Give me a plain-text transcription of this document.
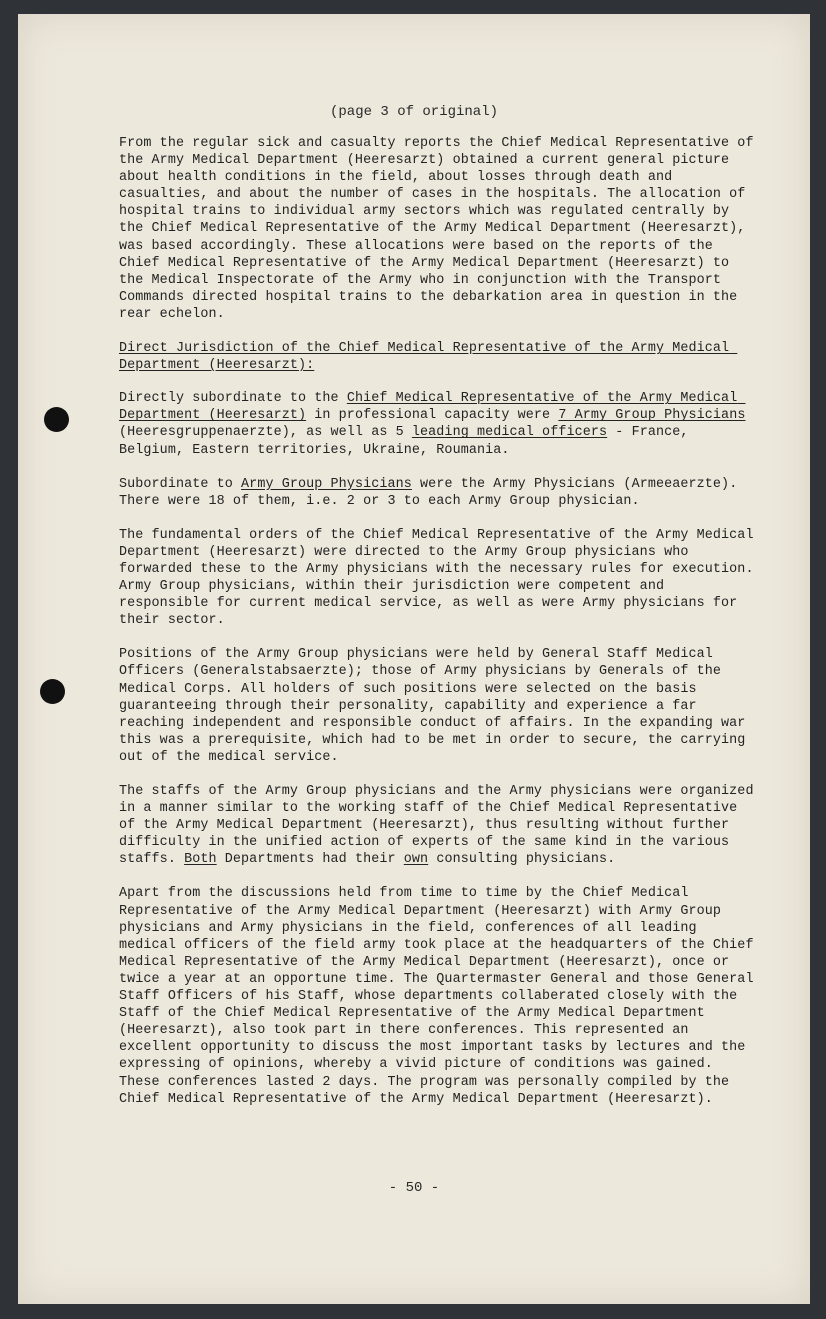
(page 3 of original)

From the regular sick and casualty reports the Chief Medical Representative of the Army Medical Department (Heeresarzt) obtained a current general picture about health conditions in the field, about losses through death and casualties, and about the number of cases in the hospitals. The allocation of hospital trains to individual army sectors which was regulated centrally by the Chief Medical Representative of the Army Medical Department (Heeresarzt), was based accordingly. These allocations were based on the reports of the Chief Medical Representative of the Army Medical Department (Heeresarzt) to the Medical Inspectorate of the Army who in conjunction with the Transport Commands directed hospital trains to the debarkation area in question in the rear echelon.

Direct Jurisdiction of the Chief Medical Representative of the Army Medical Department (Heeresarzt):

Directly subordinate to the Chief Medical Representative of the Army Medical Department (Heeresarzt) in professional capacity were 7 Army Group Physicians (Heeresgruppenaerzte), as well as 5 leading medical officers - France, Belgium, Eastern territories, Ukraine, Roumania.

Subordinate to Army Group Physicians were the Army Physicians (Armeeaerzte). There were 18 of them, i.e. 2 or 3 to each Army Group physician.

The fundamental orders of the Chief Medical Representative of the Army Medical Department (Heeresarzt) were directed to the Army Group physicians who forwarded these to the Army physicians with the necessary rules for execution. Army Group physicians, within their jurisdiction were competent and responsible for current medical service, as well as were Army physicians for their sector.

Positions of the Army Group physicians were held by General Staff Medical Officers (Generalstabsaerzte); those of Army physicians by Generals of the Medical Corps. All holders of such positions were selected on the basis guaranteeing through their personality, capability and experience a far reaching independent and responsible conduct of affairs. In the expanding war this was a prerequisite, which had to be met in order to secure, the carrying out of the medical service.

The staffs of the Army Group physicians and the Army physicians were organized in a manner similar to the working staff of the Chief Medical Representative of the Army Medical Department (Heeresarzt), thus resulting without further difficulty in the unified action of experts of the same kind in the various staffs. Both Departments had their own consulting physicians.

Apart from the discussions held from time to time by the Chief Medical Representative of the Army Medical Department (Heeresarzt) with Army Group physicians and Army physicians in the field, conferences of all leading medical officers of the field army took place at the headquarters of the Chief Medical Representative of the Army Medical Department (Heeresarzt), once or twice a year at an opportune time. The Quartermaster General and those General Staff Officers of his Staff, whose departments collaberated closely with the Staff of the Chief Medical Representative of the Army Medical Department (Heeresarzt), also took part in there conferences. This represented an excellent opportunity to discuss the most important tasks by lectures and the expressing of opinions, whereby a vivid picture of conditions was gained. These conferences lasted 2 days. The program was personally compiled by the Chief Medical Representative of the Army Medical Department (Heeresarzt).

- 50 -
